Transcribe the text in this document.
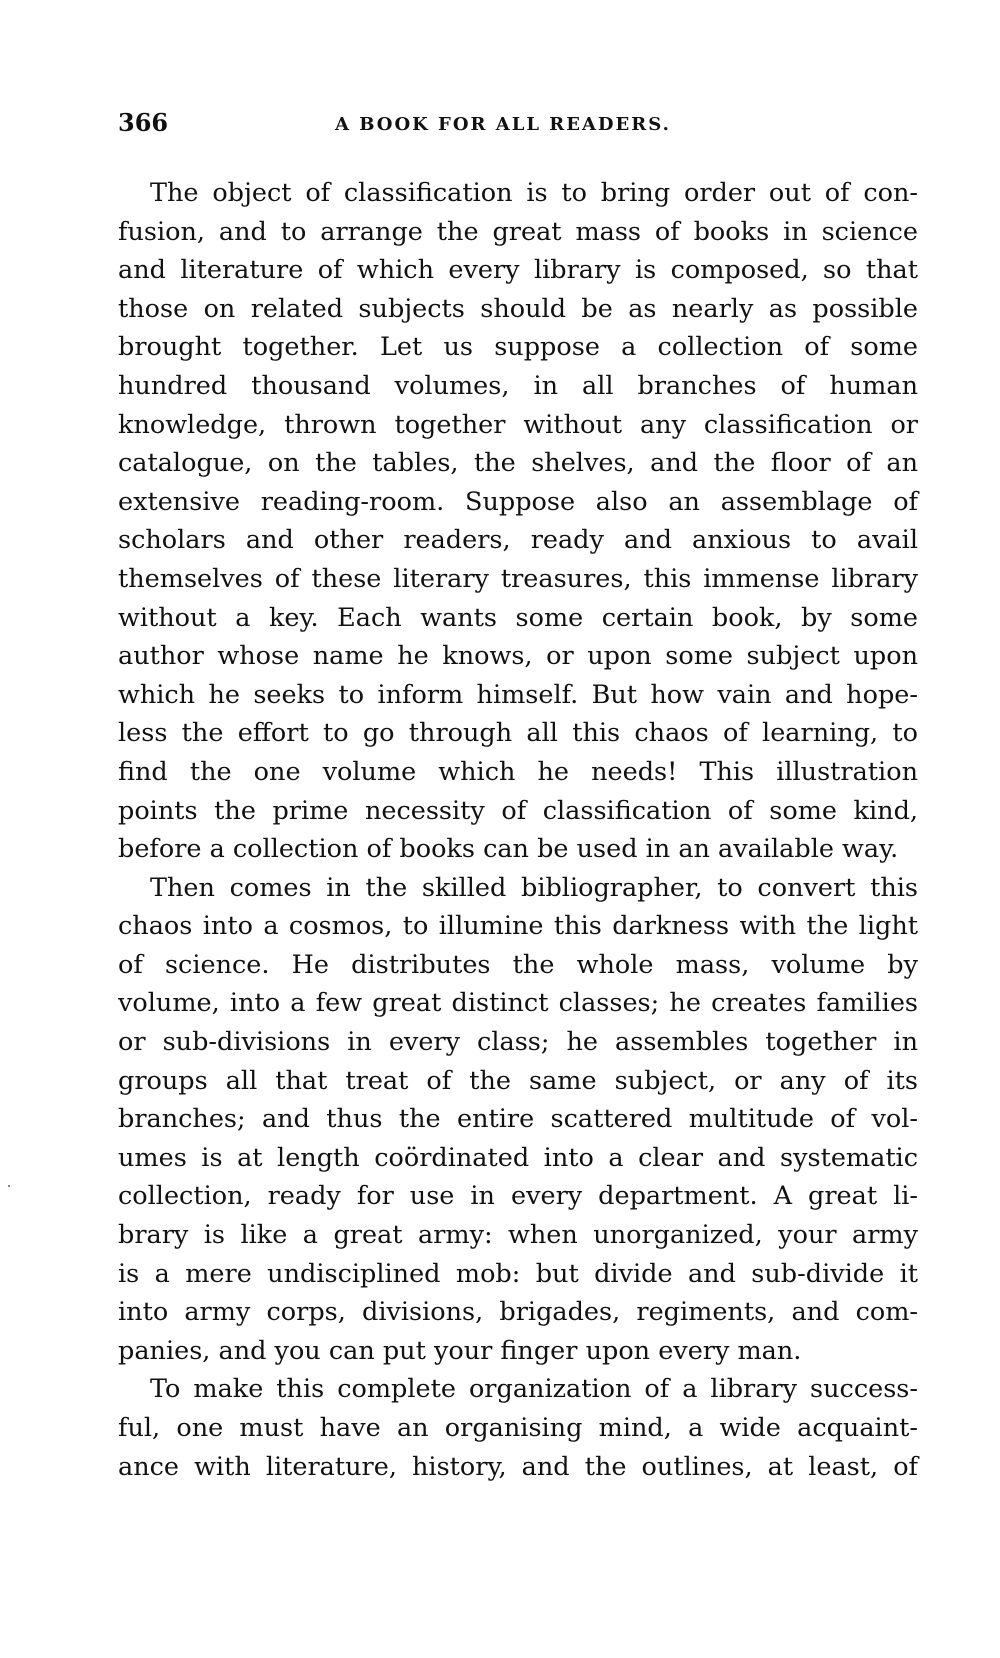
366	A BOOK FOR ALL READERS.
The object of classification is to bring order out of con-
fusion, and to arrange the great mass of books in science
and literature of which every library is composed, so that
those on related subjects should be as nearly as possible
brought together. Let us suppose a collection of some
hundred thousand volumes, in all branches of human
knowledge, thrown together without any classification or
catalogue, on the tables, the shelves, and the floor of an
extensive reading-room. Suppose also an assemblage of
scholars and other readers, ready and anxious to avail
themselves of these literary treasures, this immense library
without a key. Each wants some certain book, by some
author whose name he knows, or upon some subject upon
which he seeks to inform himself. But how vain and hope-
less the effort to go through all this chaos of learning, to
find the one volume which he needs! This illustration
points the prime necessity of classification of some kind,
before a collection of books can be used in an available way.
Then comes in the skilled bibliographer, to convert this
chaos into a cosmos, to illumine this darkness with the light
of science. He distributes the whole mass, volume by
volume, into a few great distinct classes; he creates families
or sub-divisions in every class; he assembles together in
groups all that treat of the same subject, or any of its
branches; and thus the entire scattered multitude of vol-
umes is at length coördinated into a clear and systematic
collection, ready for use in every department. A great li-
brary is like a great army: when unorganized, your army
is a mere undisciplined mob: but divide and sub-divide it
into army corps, divisions, brigades, regiments, and com-
panies, and you can put your finger upon every man.
To make this complete organization of a library success-
ful, one must have an organising mind, a wide acquaint-
ance with literature, history, and the outlines, at least, of
